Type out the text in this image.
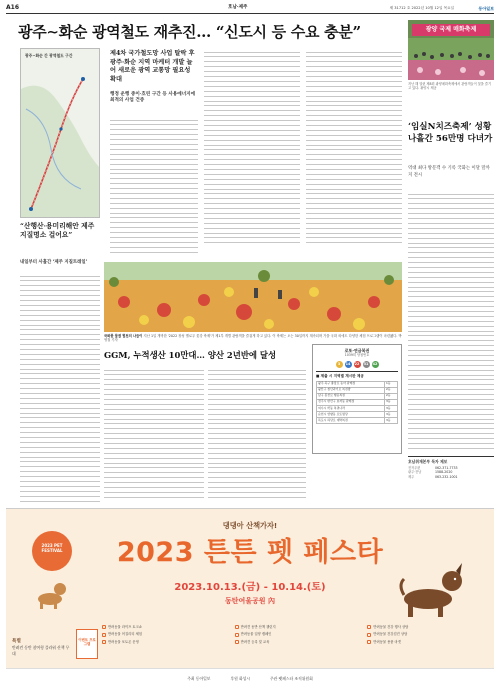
A16	호남·제주	제 31712 호 2022년 10월 12일 목요일	동아일보
광주∼화순 광역철도 재추진… “신도시 등 수요 충분”
광주~화순 간 광역철도 구간	제4차 국가철도망 사업 탈락 후 광주·화순 지역 마케터 개발 늘어 새로운 광역 교통망 필요성 확대
행정 운행 중이·흐린 구간 등 사용에너지에 최적의 사업 건증
“산행산·용미리해안 제주 지질명소 걸어요”
내일부터 사흘간 ‘제주 지질트레일’
광양 국제 매화축제
지난 해 열린 제8회 광양매화축제에서 관람객들이 꽃을 즐기고 있다. 광양시 제공
‘임실N치즈축제’ 성황 나흘간 56만명 다녀가
역대 최다 방문객 수 기록 국화는 이달 말까지 전시
국화꽃 물결 헐천의 나들이 지난 1일 개막한 '2022 장성 옐로우 꽃강 축제'가 제1부 개별 관람객을 즐겁게 하고 있다. 이 축제는 오는 30일까지 계속되며 가을 국화 외에도 다양한 체험 프로그램이 마련됐다. 박영철 기자
GGM, 누적생산 10만대… 양산 2년반에 달성	로또·연금복권
1039회 당첨번호
3	14	22	31	42
■ 제출 시 지역별 계시판 제공
광주 북구 충장로 동아 판매점	1등
광산구 첨단과기로 복권방	2등
남구 봉선로 행운복권	2등
전주시 완산구 효자동 판매점	3등
여수시 학동 복권나라	3등
순천시 연향동 로또명당	3등
목포시 하당로 대박복권	3등
호남취재본부 독자 제보
전자우편	062-371-7733
광주·전남	1588-2020
제주	063-232-1001
2023 PET FESTIVAL
댕댕아 산책가자!
2023 튼튼 펫 페스타
2023.10.13.(금) - 10.14.(토)
동탄여울공원 內
특별
반려견 동반 참여형 플라워 산책 무대
이벤트 프로그램
반려동물 라이프 토크쇼	반려견 동반 산책 챌린지	반려동물 건강 행사 상담
반려동물 어질리티 체험	반려동물 입양 캠페인	반려동물 건강검진 상담
반려동물 포토존 운영	반려견 등록 및 교육	반려동물 용품 마켓
주최 동아일보	후원 화성시	주관 펫페스타 조직위원회
